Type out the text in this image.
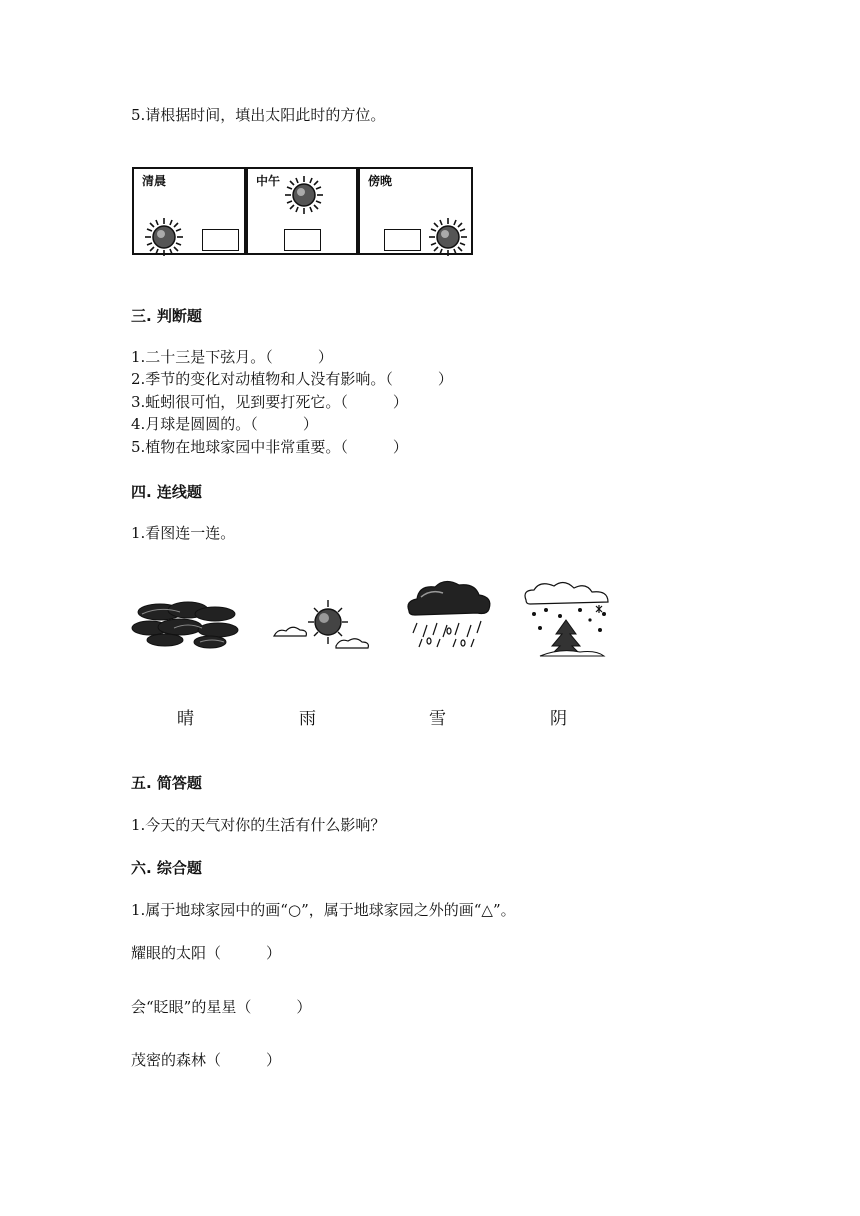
5.请根据时间，填出太阳此时的方位。
清晨	中午	傍晚
三. 判断题
1.二十三是下弦月。（　　　）
2.季节的变化对动植物和人没有影响。（　　　）
3.蚯蚓很可怕，见到要打死它。（　　　）
4.月球是圆圆的。（　　　）
5.植物在地球家园中非常重要。（　　　）
四. 连线题
1.看图连一连。
晴	雨	雪	阴
五. 简答题
1.今天的天气对你的生活有什么影响？
六. 综合题
1.属于地球家园中的画“○”，属于地球家园之外的画“△”。
耀眼的太阳（　　　）
会“眨眼”的星星（　　　）
茂密的森林（　　　）
